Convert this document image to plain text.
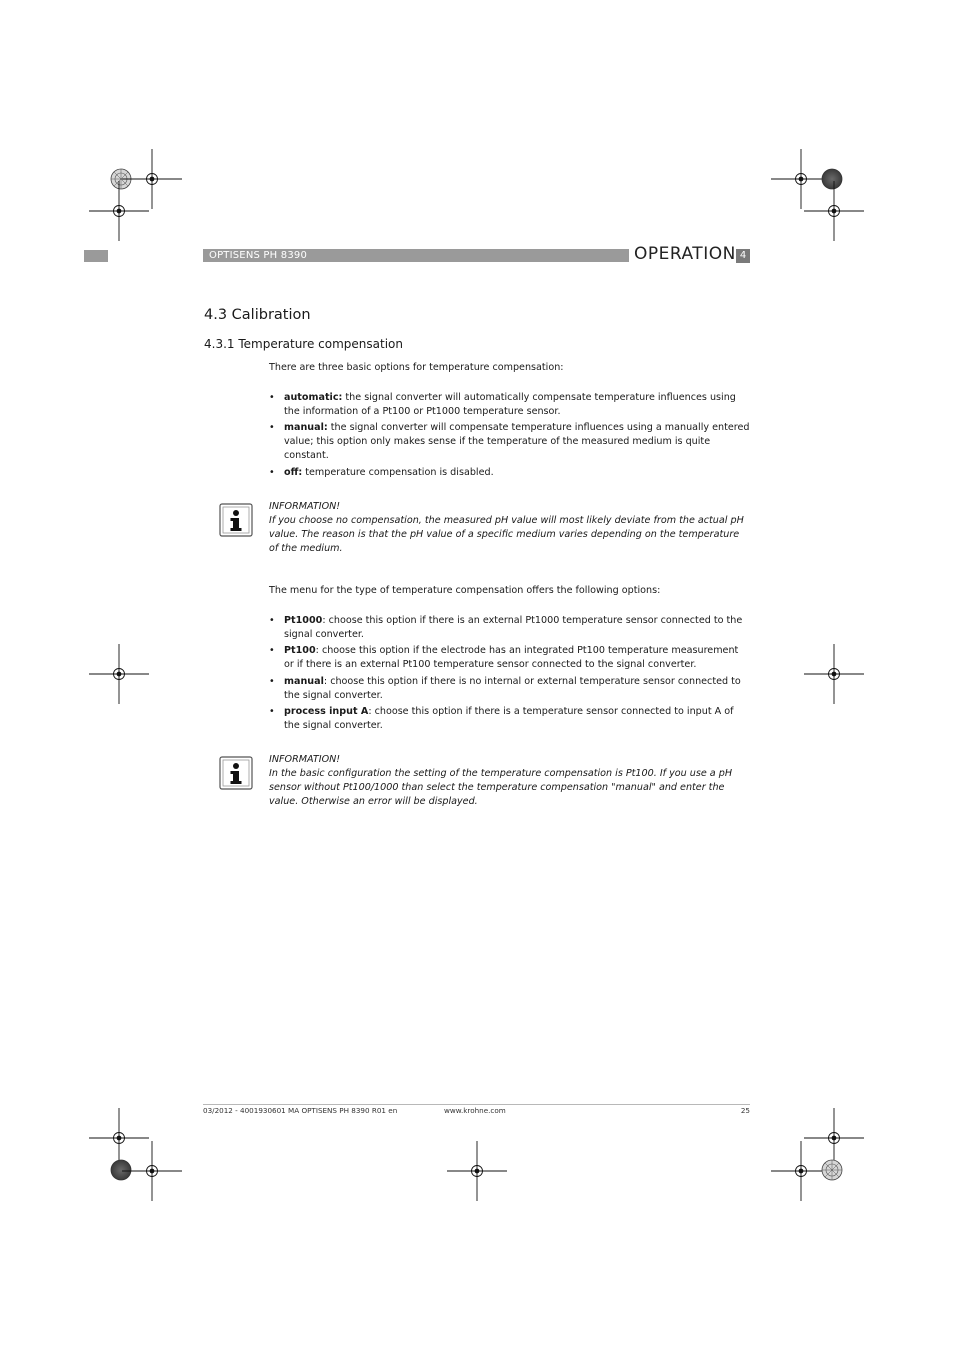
OPTISENS PH 8390	OPERATION 4
4.3 Calibration
4.3.1 Temperature compensation

There are three basic options for temperature compensation:

• automatic: the signal converter will automatically compensate temperature influences using the information of a Pt100 or Pt1000 temperature sensor.
• manual: the signal converter will compensate temperature influences using a manually entered value; this option only makes sense if the temperature of the measured medium is quite constant.
• off: temperature compensation is disabled.
INFORMATION!
If you choose no compensation, the measured pH value will most likely deviate from the actual pH value. The reason is that the pH value of a specific medium varies depending on the temperature of the medium.

The menu for the type of temperature compensation offers the following options:

• Pt1000: choose this option if there is an external Pt1000 temperature sensor connected to the signal converter.
• Pt100: choose this option if the electrode has an integrated Pt100 temperature measurement or if there is an external Pt100 temperature sensor connected to the signal converter.
• manual: choose this option if there is no internal or external temperature sensor connected to the signal converter.
• process input A: choose this option if there is a temperature sensor connected to input A of the signal converter.
INFORMATION!
In the basic configuration the setting of the temperature compensation is Pt100. If you use a pH sensor without Pt100/1000 than select the temperature compensation "manual" and enter the value. Otherwise an error will be displayed.
03/2012 - 4001930601 MA OPTISENS PH 8390 R01 en	www.krohne.com	25
